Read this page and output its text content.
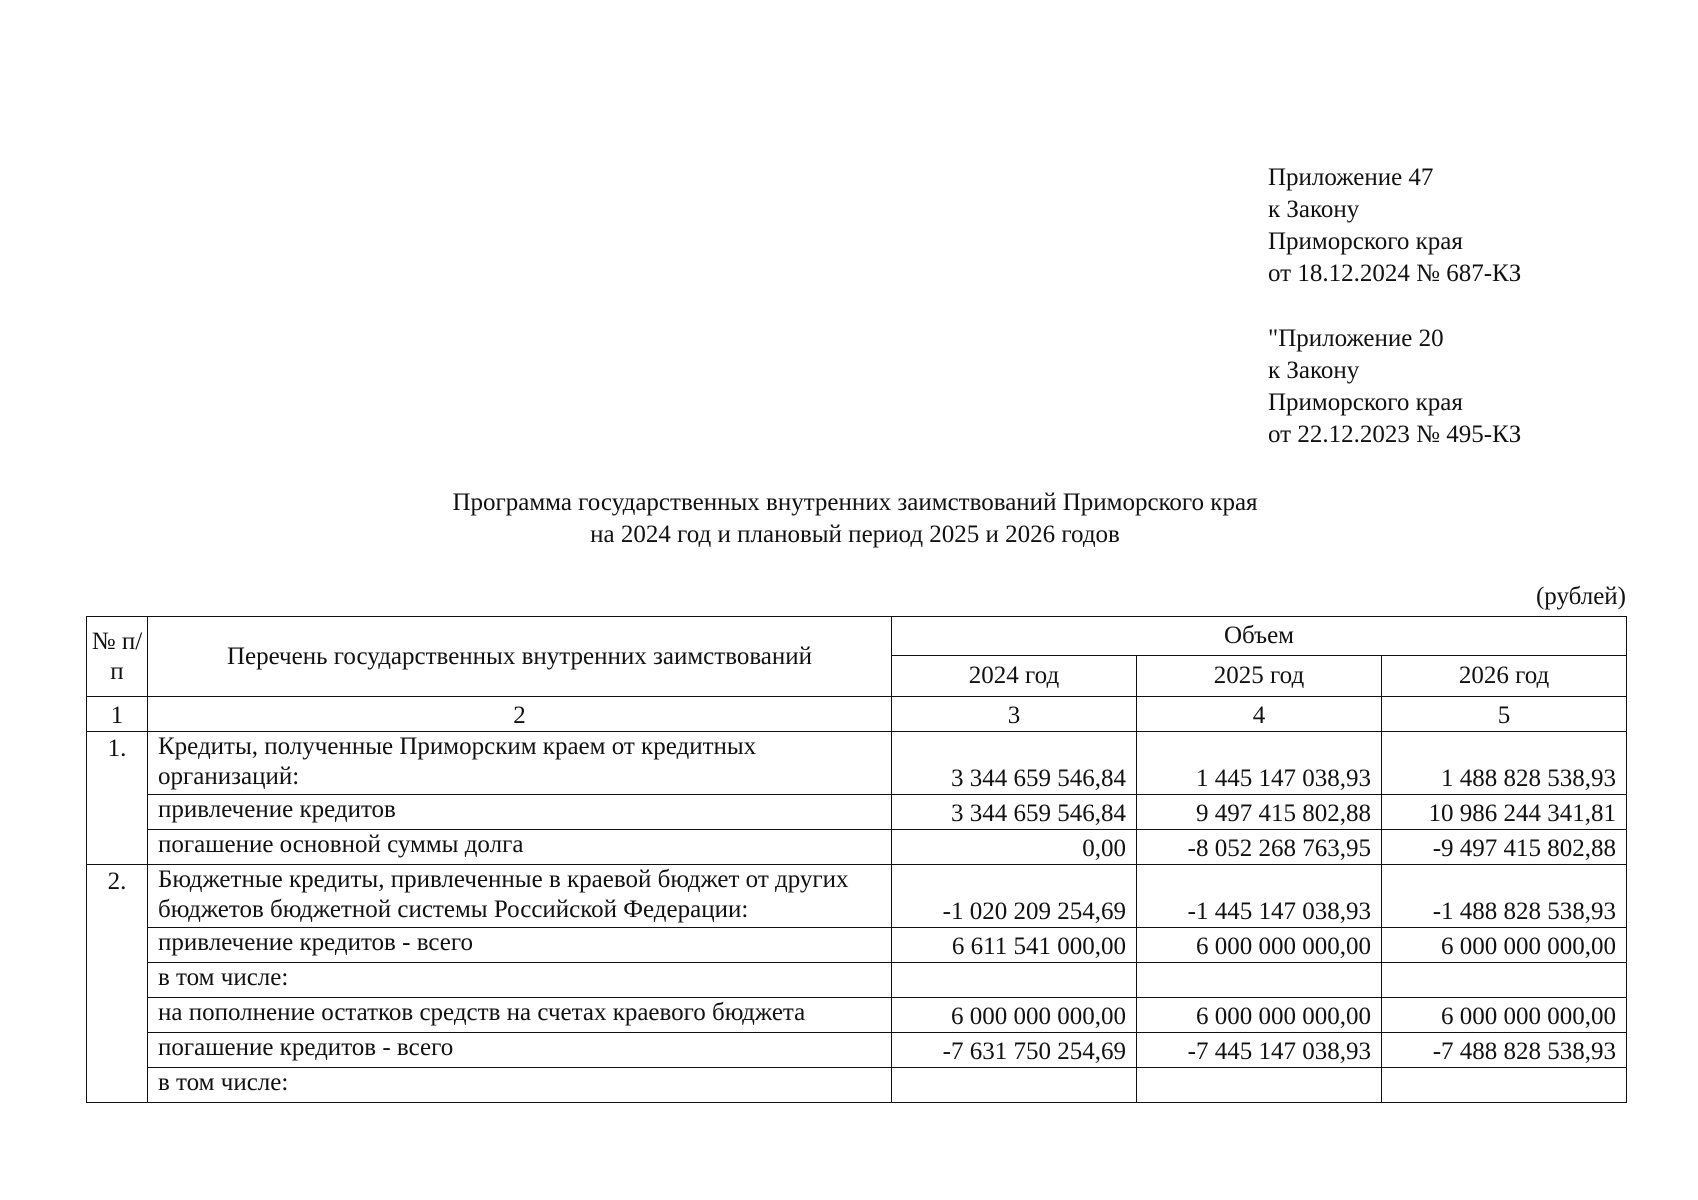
Приложение 47
к Закону
Приморского края
от 18.12.2024 № 687-КЗ
"Приложение 20
к Закону
Приморского края
от 22.12.2023 № 495-КЗ
Программа государственных внутренних заимствований Приморского края
на 2024 год и плановый период 2025 и 2026 годов
(рублей)
№ п/п	Перечень государственных внутренних заимствований	Объем		
		2024 год	2025 год	2026 год
1	2	3	4	5
1.	Кредиты, полученные Приморским краем от кредитных организаций:	3 344 659 546,84	1 445 147 038,93	1 488 828 538,93
	привлечение кредитов	3 344 659 546,84	9 497 415 802,88	10 986 244 341,81
	погашение основной суммы долга	0,00	-8 052 268 763,95	-9 497 415 802,88
2.	Бюджетные кредиты, привлеченные в краевой бюджет от других бюджетов бюджетной системы Российской Федерации:	-1 020 209 254,69	-1 445 147 038,93	-1 488 828 538,93
	привлечение кредитов - всего	6 611 541 000,00	6 000 000 000,00	6 000 000 000,00
	в том числе:			
	на пополнение остатков средств на счетах краевого бюджета	6 000 000 000,00	6 000 000 000,00	6 000 000 000,00
	погашение кредитов - всего	-7 631 750 254,69	-7 445 147 038,93	-7 488 828 538,93
	в том числе:			
